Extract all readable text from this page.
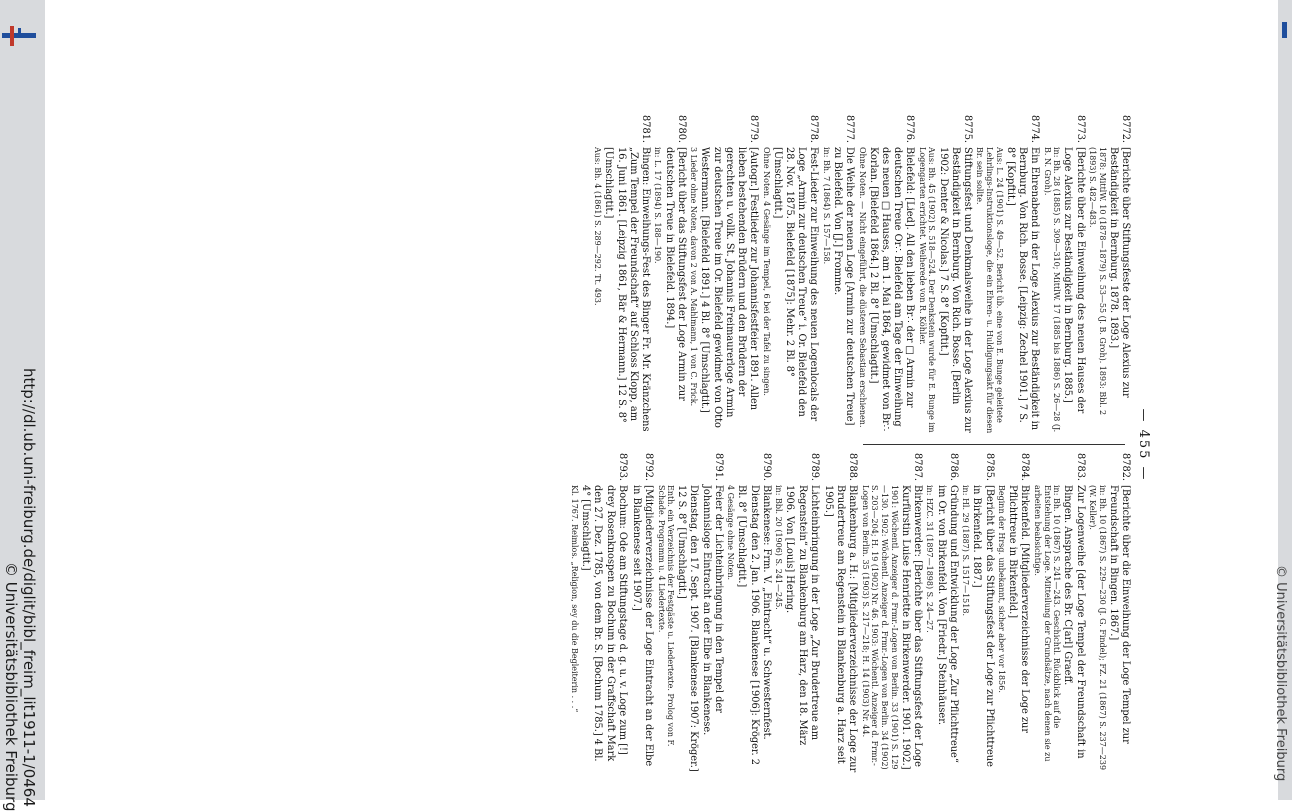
— 455 —
8772.
[Berichte über Stiftungsfeste der Loge Alexius zur Beständigkeit in Bernburg. 1878. 1893.]
1878: MittlW. 10 (1878—1879) S. 53—55 (J. B. Groh). 1893: Bbl. 2 (1893) S. 482—483.
8773.
[Berichte über die Einweihung des neuen Hauses der Loge Alexius zur Beständigkeit in Bernburg. 1885.]
in: Bh. 28 (1885) S. 309—310; MittlW. 17 (1885 bis 1886) S. 26—28 (J. B. N. Groh).
8774.
Ein Ehrenabend in der Loge Alexius zur Beständigkeit in Bernburg. Von Rich. Bosse. [Leipzig: Zechel 1901.] 7 S. 8° [Kopftit.]
Aus: L. 24 (1901) S. 49—52. Bericht üb. eine von E. Bunge geleitete Lehrlings-Instruktionsloge, die ein Ehren- u. Huldigungsakt für diesen Br. sein sollte.
8775.
Stiftungsfest und Denkmalsweihe in der Loge Alexius zur Beständigkeit in Bernburg. Von Rich. Bosse. [Berlin 1902: Denter & Nicolas.] 7 S. 8° [Kopftit.]
Aus: Bh. 45 (1902) S. 518—524. Der Denkstein wurde für E. Bunge im Logengarten errichtet. Weiherede von R. Köhler.
8776.
Bielefeld: [Lied]. All den lieben Br∴ der □ Armin zur deutschen Treue Or∴ Bielefeld am Tage der Einweihung des neuen □ Hauses, am 1. Mai 1864, gewidmet von Br∴ Korlan. [Bielefeld 1864.] 2 Bl. 8° [Umschlagtit.]
Ohne Noten. — Nicht eingeführt, die düsteren Sebastian erschienen.
8777.
Die Weihe der neuen Loge [Armin zur deutschen Treue] zu Bielefeld. Von [J.] Fromme.
in: Bh. 7 (1864) S. 157—158.
8778.
Fest-Lieder zur Einweihung des neuen Logenlocals der Loge „Armin zur deutschen Treue“ i. Or. Bielefeld den 28. Nov. 1875. Bielefeld [1875]: Mehr. 2 Bl. 8° [Umschlagtit.]
Ohne Noten. 4 Gesänge im Tempel, 6 bei der Tafel zu singen.
8779.
[Autogr.] Festlieder zur Johannisfestfeier 1891. Allen lieben bestehenden Brüdern und den Brüdern der gerechten u. vollk. St. Johannis Freimaurerloge Armin zur deutschen Treue im Or. Bielefeld gewidmet von Otto Westermann. [Bielefeld 1891.] 4 Bl. 8° [Umschlagtit.]
3 Lieder ohne Noten, davon 2 von A. Mahlmann, 1 von C. Frick.
8780.
[Bericht über das Stiftungsfest der Loge Armin zur deutschen Treue in Bielefeld. 1894.]
in: L. 17 (1894) S. 188—190.
8781.
Bingen: Einweihungs-Fest des Binger Fr. Mr. Kränzchens „Zum Tempel der Freundschaft“ auf Schloss Klopp, am 16. Juni 1861. [Leipzig 1861, Bär & Hermann.] 12 S. 8° [Umschlagtit.]
Aus: Bh. 4 (1861) S. 289—292. Tt. 493.
8782.
[Berichte über die Einweihung der Loge Tempel zur Freundschaft in Bingen. 1867.]
in: Bh. 10 (1867) S. 229—230 (J. G. Findel); FZ. 21 (1867) S. 237—239 (W. Keller).
8783.
Zur Logenweihe [der Loge Tempel der Freundschaft in Bingen. Ansprache des Br. C[arl] Graeff.
in: Bh. 10 (1867) S. 241—243. Geschichtl. Rückblick auf die Entstehung der Loge. Mitteilung der Grundsätze, nach denen sie zu arbeiten beabsichtige.
8784.
Birkenfeld. [Mitgliederverzeichnisse der Loge zur Pflichttreue in Birkenfeld.]
Beginn der Hrsg. unbekannt, sicher aber vor 1856.
8785.
[Bericht über das Stiftungsfest der Loge zur Pflichttreue in Birkenfeld. 1887.]
in: Hl. 29 (1887) S. 1517—1518.
8786.
Gründung und Entwicklung der Loge „Zur Pflichttreue“ im Or. von Birkenfeld. Von [Friedr.] Steinhäuser.
in: HZC. 31 (1897—1898) S. 24—27.
8787.
Birkenwerder: [Berichte über das Stiftungsfest der Loge Kurfürstin Luise Henriette in Birkenwerder. 1901. 1902.]
1901: Wöchentl. Anzeiger d. Frmr.-Logen von Berlin. 33 (1901) S. 129—130. 1902: Wöchentl. Anzeiger d. Frmr.-Logen von Berlin. 34 (1902) S. 203—204; H. 19 (1902) Nr. 46. 1903: Wöchentl. Anzeiger d. Frmr.-Logen von Berlin. 35 (1903) S. 217—218; H. 14 (1903) Nr. 44.
8788.
Blankenburg a. H.: [Mitgliederverzeichnisse der Loge zur Brudertreue am Regenstein in Blankenburg a. Harz seit 1905.]
8789.
Lichteinbringung in der Loge „Zur Brudertreue am Regenstein“ zu Blankenburg am Harz, den 18. März 1906. Von [Louis] Hering.
in: Bbl. 20 (1906) S. 241—245.
8790.
Blankenese: Frm. V. „Eintracht“ u. Schwesternfest. Dienstag den 2. Jan. 1906. Blankenese [1906]: Kröger. 2 Bl. 8° [Umschlagtit.]
4 Gesänge ohne Noten.
8791.
Feier der Lichteinbringung in den Tempel der Johannisloge Eintracht an der Elbe in Blankenese. Dienstag, den 17. Sept. 1907. [Blankenese 1907: Kröger.] 12 S. 8° [Umschlagtit.]
Enth. ein Verzeichnis der Festgäste u. Liedertexte. Prolog von F. Schade. Programm u. 4 Liedertexte.
8792.
[Mitgliederverzeichnisse der Loge Eintracht an der Elbe in Blankenese seit 1907.]
8793.
Bochum: Ode am Stiftungstage d. g. u. v. Loge zum [!] drey Rosenknospen zu Bochum in der Graffschaft Mark den 27. Dez. 1785, von dem Br. S. [Bochum 1785.] 4 Bl. 4° [Umschlagtit.]
Kl. 1767. Reimlos. „Religion, sey du die Begleiterin . . .“
http://dl.ub.uni-freiburg.de/diglit/bibl_freim_lit1911-1/0464
© Universitätsbibliothek Freiburg	© Universitätsbibliothek Freiburg
